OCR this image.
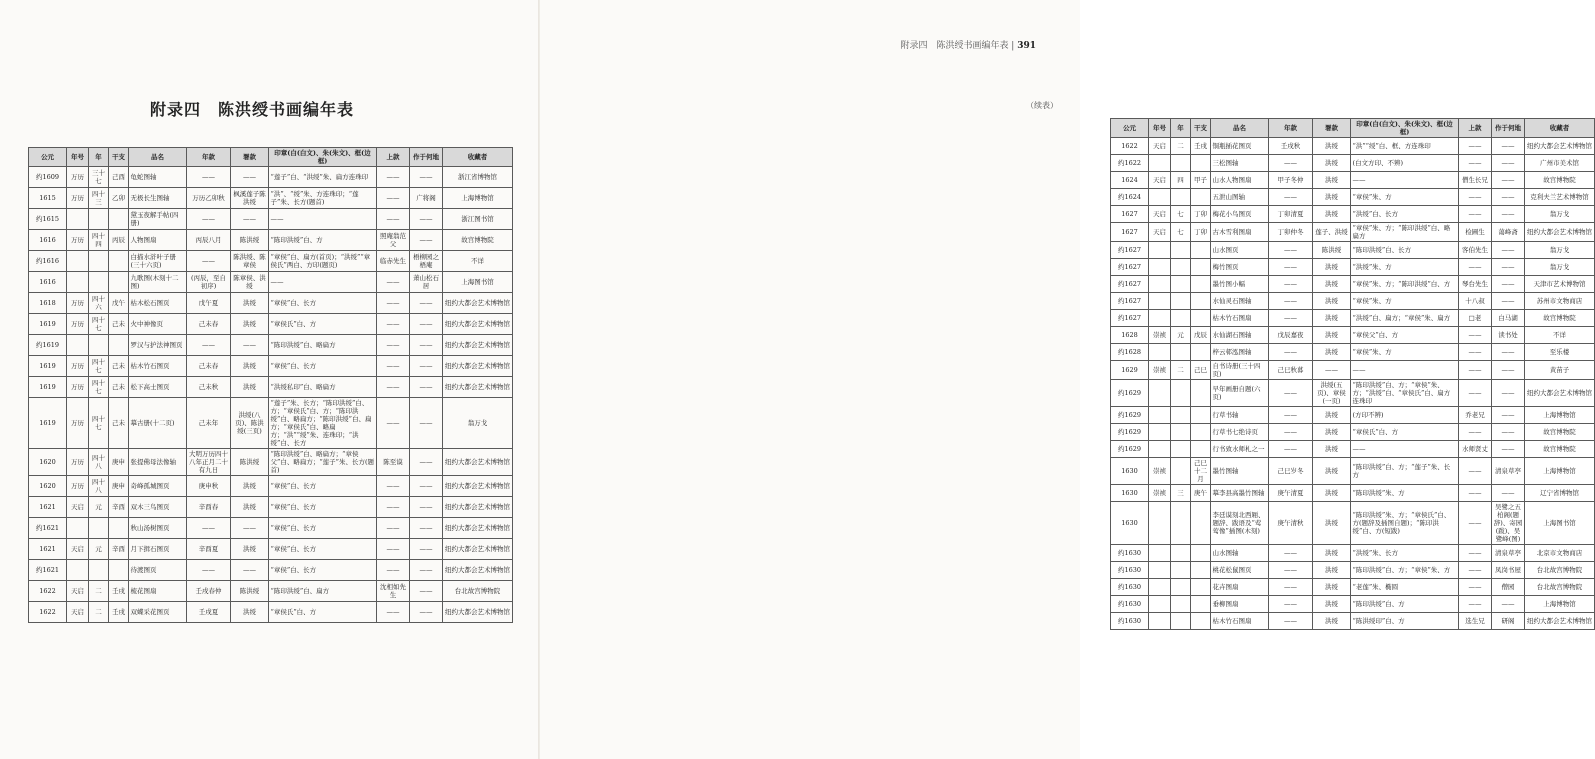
附录四　陈洪绶书画编年表
公元	年号	年	干支	品名	年款	署款	印章(白(白文)、朱(朱文)、框(边框)	上款	作于何地	收藏者
约1609	万历	三十七	己酉	龟蛇图轴	——	——	“莲子”白、“洪绶”朱、扁方连珠印	——	——	浙江省博物馆
1615	万历	四十三	乙卯	无极长生图轴	万历乙卯秋	枫溪莲子陈洪绶	“洪”、“绶”朱、方连珠印；“莲子”朱、长方(题首)	——	广将阁	上海博物馆
约1615				黛玉夜解手帖(四册)	——	——	——	——	——	浙江图书馆
1616	万历	四十四	丙辰	人物图扇	丙辰八月	陈洪绶	“陈印洪绶”白、方	照庵翁范父	——	故宫博物院
约1616				白描水浒叶子册(三十六页)	——	陈洪绶、陈章侯	“章侯”白、扁方(首页)；“洪绶”“章侯氏”两白、方印(题页)	临赤先生	梧柳园之梧庵	不详
1616				九歌图(木刻十二图)	(丙辰，至自初序)	陈章侯、洪绶	——	——	萧山松石居	上海图书馆
1618	万历	四十六	戊午	枯木松石图页	戊午夏	洪绶	“章侯”白、长方	——	——	纽约大都会艺术博物馆
1619	万历	四十七	己未	火中神像页	己未春	洪绶	“章侯氏”白、方	——	——	纽约大都会艺术博物馆
约1619				罗汉与护法神图页	——	——	“陈印洪绶”白、略扁方	——	——	纽约大都会艺术博物馆
1619	万历	四十七	己未	枯木竹石图页	己未春	洪绶	“章侯”白、长方	——	——	纽约大都会艺术博物馆
1619	万历	四十七	己未	松下高士图页	己未秋	洪绶	“洪绶私印”白、略扁方	——	——	纽约大都会艺术博物馆
1619	万历	四十七	己未	摹古册(十二页)	己未年	洪绶(八页)、陈洪绶(三页)	“莲子”朱、长方；“陈印洪绶”白、方；“章侯氏”白、方；“陈印洪绶”白、略扁方；“陈印洪绶”白、扁方；“章侯氏”白、略扁方；“洪”“绶”朱、连珠印；“洪绶”白、长方	——	——	翁万戈
1620	万历	四十八	庚申	张提佛母法像轴	大明万历四十八年正月二十有九日	陈洪绶	“陈印洪绶”白、略扁方；“章侯父”白、略扁方；“莲子”朱、长方(题首)	陈至谟	——	纽约大都会艺术博物馆
1620	万历	四十八	庚申	奇峰孤城图页	庚申秋	洪绶	“章侯”白、长方	——	——	纽约大都会艺术博物馆
1621	天启	元	辛酉	双木三鸟图页	辛酉春	洪绶	“章侯”白、长方	——	——	纽约大都会艺术博物馆
约1621				秋山汤树图页	——	——	“章侯”白、长方	——	——	纽约大都会艺术博物馆
1621	天启	元	辛酉	月下揖石图页	辛酉夏	洪绶	“章侯”白、长方	——	——	纽约大都会艺术博物馆
约1621				待渡图页	——	——	“章侯”白、长方	——	——	纽约大都会艺术博物馆
1622	天启	二	壬戌	梳花图扇	壬戌春仲	陈洪绶	“陈印洪绶”白、扁方	沈相如先生	——	台北故宫博物院
1622	天启	二	壬戌	双蝶采花图页	壬戌夏	洪绶	“章侯氏”白、方	——	——	纽约大都会艺术博物馆
附录四　陈洪绶书画编年表 | 391
（续表）
公元	年号	年	干支	品名	年款	署款	印章(白(白文)、朱(朱文)、框(边框)	上款	作于何地	收藏者
1622	天启	二	壬戌	铜瓶插花图页	壬戌秋	洪绶	“洪”“绶”白、框、方连珠印	——	——	纽约大都会艺术博物馆
约1622				三松图轴	——	洪绶	(白文方印、不辨)	——	——	广州市美术馆
1624	天启	四	甲子	山水人物图扇	甲子冬仲	洪绶	——	僧生长兄	——	故宫博物院
约1624				五泄山图轴	——	洪绶	“章侯”朱、方	——	——	克利夫兰艺术博物馆
1627	天启	七	丁卯	梅花小鸟图页	丁卯清夏	洪绶	“洪绶”白、长方	——	——	翁万戈
1627	天启	七	丁卯	古木雪利图扇	丁卯仲冬	莲子、洪绶	“章侯”朱、方；“陈印洪绶”白、略扁方	检圃生	蔼峰斋	纽约大都会艺术博物馆
约1627				山水图页	——	陈洪绶	“陈印洪绶”白、长方	客伯先生	——	翁万戈
约1627				梅竹图页	——	洪绶	“洪绶”朱、方	——	——	翁万戈
约1627				墨竹图小幅	——	洪绶	“章侯”朱、方；“陈印洪绶”白、方	琴台先生	——	天津市艺术博物馆
约1627				水仙灵石图轴	——	洪绶	“章侯”朱、方	十八叔	——	苏州市文物商店
约1627				枯木竹石图扇	——	洪绶	“洪绶”白、扁方；“章侯”朱、扁方	□老	白马湖	故宫博物院
1628	崇祯	元	戊辰	水仙湖石图轴	戊辰嘉夜	洪绶	“章侯父”白、方	——	读书处	不详
约1628				梓云邨泓图轴	——	洪绶	“章侯”朱、方	——	——	至乐楼
1629	崇祯	二	己巳	自书诗册(三十四页)	己巳秋暮	——	——	——	——	黄苗子
约1629				早年画册自题(六页)	——	洪绶(五页)、章侯(一页)	“陈印洪绶”白、方；“章侯”朱、方；“洪绶”白、“章侯氏”白、扁方连珠印	——	——	纽约大都会艺术博物馆
约1629				行草书轴	——	洪绶	(方印不辨)	乔老兄	——	上海博物馆
约1629				行草书七绝诗页	——	洪绶	“章侯氏”白、方	——	——	故宫博物院
约1629				行书致水师札之一	——	洪绶	——	水师贤丈	——	故宫博物院
1630	崇祯		己巳十二月	墨竹图轴	己巳岁冬	洪绶	“陈印洪绶”白、方；“莲子”朱、长方	——	清泉草亭	上海博物馆
1630	崇祯	三	庚午	摹李县高墨竹图轴	庚午清夏	洪绶	“陈印洪绶”朱、方	——	——	辽宁省博物馆
1630				李廷谟刻北西厢、题辞、跋语及“莺莺像”插图(木刻)	庚午清秋	洪绶	“陈印洪绶”朱、方；“章侯氏”白、方(题辞及插图自题)；“陈印洪绶”白、方(短跋)	——	吴鹭之五柏阁(题辞)、寄园(跋)、吴鹭峰(图)	上海图书馆
约1630				山水图轴	——	洪绶	“洪绶”朱、长方	——	清泉草亭	北京市文物商店
约1630				桃花松鼠图页	——	洪绶	“陈印洪绶”白、方；“章侯”朱、方	——	凤岗书屋	台北故宫博物院
约1630				花卉图扇	——	洪绶	“老莲”朱、椭圆	——	僧园	台北故宫博物院
约1630				垂柳图扇	——	洪绶	“陈印洪绶”白、方	——	——	上海博物馆
约1630				枯木竹石图扇	——	洪绶	“陈洪绶印”白、方	选生兄	研阁	纽约大都会艺术博物馆
